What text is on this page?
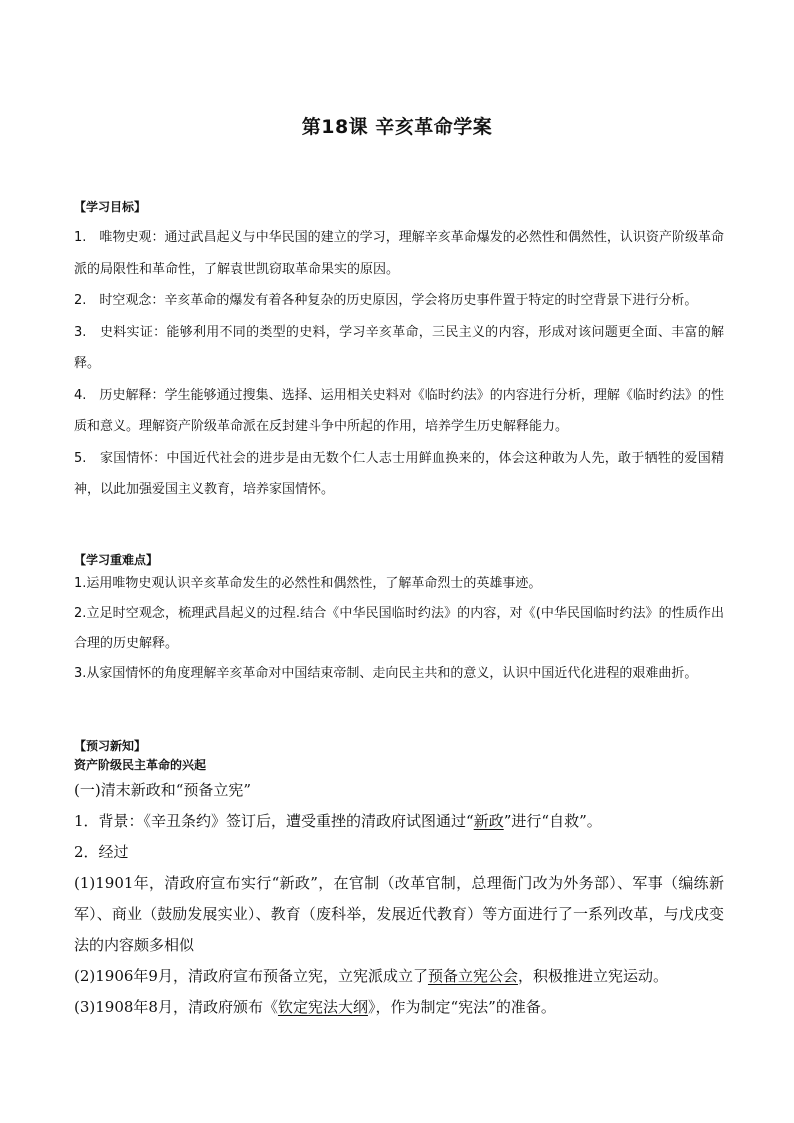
第18课 辛亥革命学案

【学习目标】

1.　唯物史观：通过武昌起义与中华民国的建立的学习，理解辛亥革命爆发的必然性和偶然性，认识资产阶级革命派的局限性和革命性，了解袁世凯窃取革命果实的原因。

2.　时空观念：辛亥革命的爆发有着各种复杂的历史原因，学会将历史事件置于特定的时空背景下进行分析。

3.　史料实证：能够利用不同的类型的史料，学习辛亥革命，三民主义的内容，形成对该问题更全面、丰富的解释。

4.　历史解释：学生能够通过搜集、选择、运用相关史料对《临时约法》的内容进行分析，理解《临时约法》的性质和意义。理解资产阶级革命派在反封建斗争中所起的作用，培养学生历史解释能力。

5.　家国情怀：中国近代社会的进步是由无数个仁人志士用鲜血换来的，体会这种敢为人先，敢于牺牲的爱国精神，以此加强爱国主义教育，培养家国情怀。

【学习重难点】

1.运用唯物史观认识辛亥革命发生的必然性和偶然性，了解革命烈士的英雄事迹。

2.立足时空观念，梳理武昌起义的过程.结合《中华民国临时约法》的内容，对《(中华民国临时约法》的性质作出合理的历史解释。

3.从家国情怀的角度理解辛亥革命对中国结束帝制、走向民主共和的意义，认识中国近代化进程的艰难曲折。

【预习新知】

资产阶级民主革命的兴起

(一)清末新政和“预备立宪”

1．背景：《辛丑条约》签订后，遭受重挫的清政府试图通过“新政”进行“自救”。

2．经过

(1)1901年，清政府宣布实行“新政”，在官制（改革官制，总理衙门改为外务部）、军事（编练新军）、商业（鼓励发展实业）、教育（废科举，发展近代教育）等方面进行了一系列改革，与戊戌变法的内容颇多相似

(2)1906年9月，清政府宣布预备立宪，立宪派成立了预备立宪公会，积极推进立宪运动。

(3)1908年8月，清政府颁布《钦定宪法大纲》，作为制定“宪法”的准备。
